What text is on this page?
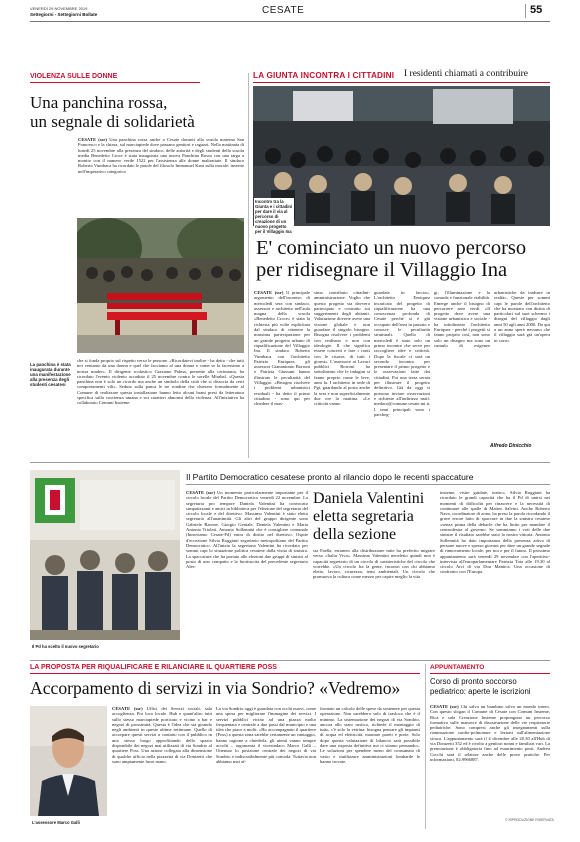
VENERDÌ 29 NOVEMBRE 2019
Settegiorni - Settegiorni Bollate	CESATE	55
VIOLENZA SULLE DONNE
Una panchina rossa,
un segnale di solidarietà
CESATE (ssr) Una panchina rossa anche a Cesate davanti alla scuola materna San Francesco e la chiesa, sul marciapiede dove passano genitori e ragazzi. Nella mattinata di lunedì 25 novembre alla presenza del sindaco, delle autorità e degli studenti della scuola media Benedetto Croce è stata inaugurata una nuova Panchina Rossa con una targa a monito con il numero verde 1522 per l'assistenza alle donne maltrattate. Il sindaco Roberto Vumbaca ha ricordato le parole del filosofo Immanuel Kant sulla morale: inserite nell'imperativo categorico
La panchina è stata inaugurata durante una manifestazione alla presenza degli studenti cesatesi
che si fonda proprio sul rispetto verso le persone. «Ricordatevi inoltre - ha detto - che tutti noi veniamo da una donna e quel che facciamo al una donna e come se la facessimo a nostra madre». Il dirigente scolastico Graziano Palma, presente alla cerimonia, ha ricordato l'evento violento accaduto il 25 novembre contro le sorelle Mirabal. «Questa panchina non è solo un ricordo ma anche un simbolo della città che si dissocia da certi comportamenti vili». Seduto sulla panca le tre rondine che chiesero formalmente al Comune di realizzare questa installazione hanno letto alcuni brani presi da letteratura specifica sulla coscienza umana e sui caratteri abnormi della violenza. All'iniziativa ha collaborato Comuni Insieme.
LA GIUNTA INCONTRA I CITTADINI I residenti chiamati a contribuire
Incontro tra la Giunta e i cittadini per dare il via al percorso di creazione di un nuovo progetto per il Villaggio Ina
E' cominciato un nuovo percorso
per ridisegnare il Villaggio Ina
CESATE (ssr) Il principale argomento dell'incontro di mercoledì sera con sindaco, assessori e architetto nell'aula magna della scuola «Benedetto Croce» è stata la richiesta più volte esplicitata dal sindaco di ottenere la massima partecipazione per un grande progetto urbano di riqualificazione del Villaggio Ina. Il sindaco Roberto Vumbaca con l'architetto Patrizio Enriquez, gli assessori Gianantonio Borroni e Patrizia Giussani hanno illustrato le peculiarità del Villaggio. «Bisogna risolvere i problemi urbanistici residuali - ha detto il primo cittadino - sono qui per chiedere il mas-
simo contributo cittadini-amministrazione. Voglio che questo progetto sia davvero partecipato e costruito sui suggerimenti degli abitanti. Valutazione dovrete avere una visione globale e non guardare il singolo bisogno. Bisogna risolvere i problemi con realismo e non con ideologie. Il che significa essere concreti e fare i conti con le risorse, di tutti i giorni». L'assessore ai Lavori pubblici Borroni ha sottolineato che le indagini si fanno proprio come le leve, anni fa. I architetto in sede di Pgt, guardando al posto anche la sera e non superficialmente due ore la mattina. «Le criticità vanno
guardate in faccia». L'architetto Enriquez incaricato del progetto di riqualificazione ha una conoscenza profonda di Cesate perché si è già occupato dell'area in passato e conosce le peculiarità strutturali. Quello di mercoledì è stato solo un primo incontro che serve per raccogliere idee e criticità. Dopo la fiscale ci sarà un secondo incontro per presentare il primo progetto e le osservazioni fatte dai cittadini. Poi una terza serata per illustrare il progetto definitivo. Già da oggi si possono inviare osservazioni e richieste all'indirizzo mail: medaco@comune.cesate.mi.it. I temi principali sono i parcheg-
gi, l'illuminazione e la comoda e funzionale viabilità. Emerge anche il bisogno di percorrere aree verdi. «Il progetto deve avere una visione urbanistica e sociale - ha sottolineato l'architetto Enriquez - perché i progetti si fanno proprio così, non sono solo un disegno ma sono un cumulo di esigenze urbanistiche da tradurre in realtà». Queste per sommi capi le parole dell'architetto che ha mostrato con diritta di particolari sul suoi schermo i disegni del villaggio dagli anni 50 agli anni 2000. Da qui a un anno sperò nessuno che il villaggio sarà già un'opera in corso.
Alfredo Dinicchio
Il Pd ha scelto il nuovo segretario
Il Partito Democratico cesatese pronto al rilancio dopo le recenti spaccature
CESATE (ssr) Un momento particolarmente importante per il circolo locale del Partito Democratico venerdì 22 novembre. La segretaria pro tempore Daniela Valentini ha convocato simpatizzanti e amici in biblioteca per l'elezione del segretario del circolo locale e del direttivo. Massimo Valentini è stato eletto segretario all'unanimità. Gli altri del gruppo dirigente sono Gabriele Barone, Giorgio Geniale, Daniela Valentini e Marta Antonia Triolati. Antonio Sollennità che è consigliere comunale (Innoviamo Cesate-Pd) entra di diritto nel direttivo. Ospite d'eccezione Silvia Roggiani segretario metropolitano del Partito Democratico. All'inizio la segretaria Valentini ha ricordato per sommi capi lo situazione politica cesatese dalla visita di sinistra. La spaccatura che ha portato alle elezioni due gruppi di sinistri al posto di uno compatto e la fuoriuscita del precedente segretario Ales-
Daniela Valentini
eletta segretaria
della sezione
sia Faella, estraneo alla distribuzione mite ha preferito migrare verso «Italia Viva». Massimo Valentini neoeletto quindi non è capacità segretario di un circolo di caratteristiche del circolo che vorrebbe. «Un circolo fra la gente, incontri con chi abbiamo eletto, lavoro, sicurezza, temi ambientali. Un circolo che promuova la cultura come mezzo per capire meglio la vita
insieme, visite guidate, teatro». Silvia Roggiani ha ricordato le grandi capacità che ha il Pd di unirsi nei momenti di difficoltà per rinascere e la necessità di continuare alle spalle di Matteo Salvini. Anche Roberto Nava, coordinatore di zona, ha preso la parola ricordando il grave errore fatto di spaccare in due la sinistra cesatese «senza prima della debacle che ha finito per mandare il centrodestra al governo. Se sommiamo i voti delle due sinistre il risultato sarebbe stato la nostra vittoria. Antonio Sollennità ha dato importanza della presenza attiva di persone nuove e spesso giovani per dare un grande segnale di rinnovamento locale, per noi e per il futuro. Il prossimo appuntamento sarà venerdì 29 novembre con l'aperitivo-intervista all'europarlamentare Patrizia Toia alle 19.30 al circolo Arci di via Don Mantica. Una occasione di confronto con l'Europa.
LA PROPOSTA PER RIQUALIFICARE E RILANCIARE IL QUARTIERE POSS
Accorpamento di servizi in via Sondrio? «Vedremo»
L'assessore Marco Galli
CESATE (ssr) Uffici dei Servizi sociali, sala accoglienza, Pro loco locale. Hub e quant'altro tutti sullo stesso marciapiede porticato e vicino a bar e negozi di prossimità. Questa è l'idea che sta girando negli ambienti in queste ultime settimane. Quello di accorpare questi servizi a contatto con il pubblico in uno stesso luogo approfittando dello spazio disponibile dei negozi mai utilizzati di via Sondrio al quartiere Poss. Una azione collegata alla dimensione di qualche ufficio nella piazzetta di via Donizetti che sono ampiamente fuori mano.
La via Sondrio oggi è guardata con occhi nuovi, come una sposa per migliorare l'immagine dei servizi. I servizi pubblici vicino ad una piazza molto frequentata e centrale a due passi dal municipio e una idea che piace a molti. «Ho accompagnato il quartiere (Poss) a questa zona sarebbe certamente un vantaggio, hanno ragione a chiederla, gli utenti vanno sempre accolti – argomenta il vicesindaco Marco Galli – Ottenuto lo posizione centrale dei negozi di via Sondrio e indiscutibilmente più comoda. Tuttavia non abbiamo mai af-
frontato un calcolo delle spese da sostenere per questa operazione. Non sarebbero solo di trasloco che è il minimo. La sistemazione dei negozi di via Sondrio, ancora allo stato rustico, richiede il montaggio di tutto, c'è solo la vetrina: bisogna pensare gli impianti di acqua ed elettricità, montare pareti e porte. Solo dopo questa valutazione di bilancio sarà possibile dare una risposta definitiva ma ci stiamo pensando». Le soluzioni per spendere meno del consumato di vasto e riutilizzare amministrazioni lombarde le hanno trovate.
APPUNTAMENTO
Corso di pronto soccorso
pediatrico: aperte le iscrizioni
CESATE (ssr) Chi salva un bambino salva un mondo intero. Con questo slogan il Comune di Cesate con Comuni Insieme, Rica e sala Creazione Insieme propongono un percorso formativo sulle manovre di disostruzione delle vie respiratorie pediatriche. Sono compresi anche gli insegnamenti sulla rianimazione cardio-polmonare e lezioni sull'alimentazione sicura. L'appuntamento sarà il 4 dicembre alle 20.30 all'Hub di via Donizetti 352 ed è rivolto a genitori nonni e familiari vari. La prenotazione è obbligatoria fino ad esaurimento posti. Andrea Cocchi sarà il relatore anche delle prove pratiche. Per informazioni, 02.9966887.
© RIPRODUZIONE RISERVATA
